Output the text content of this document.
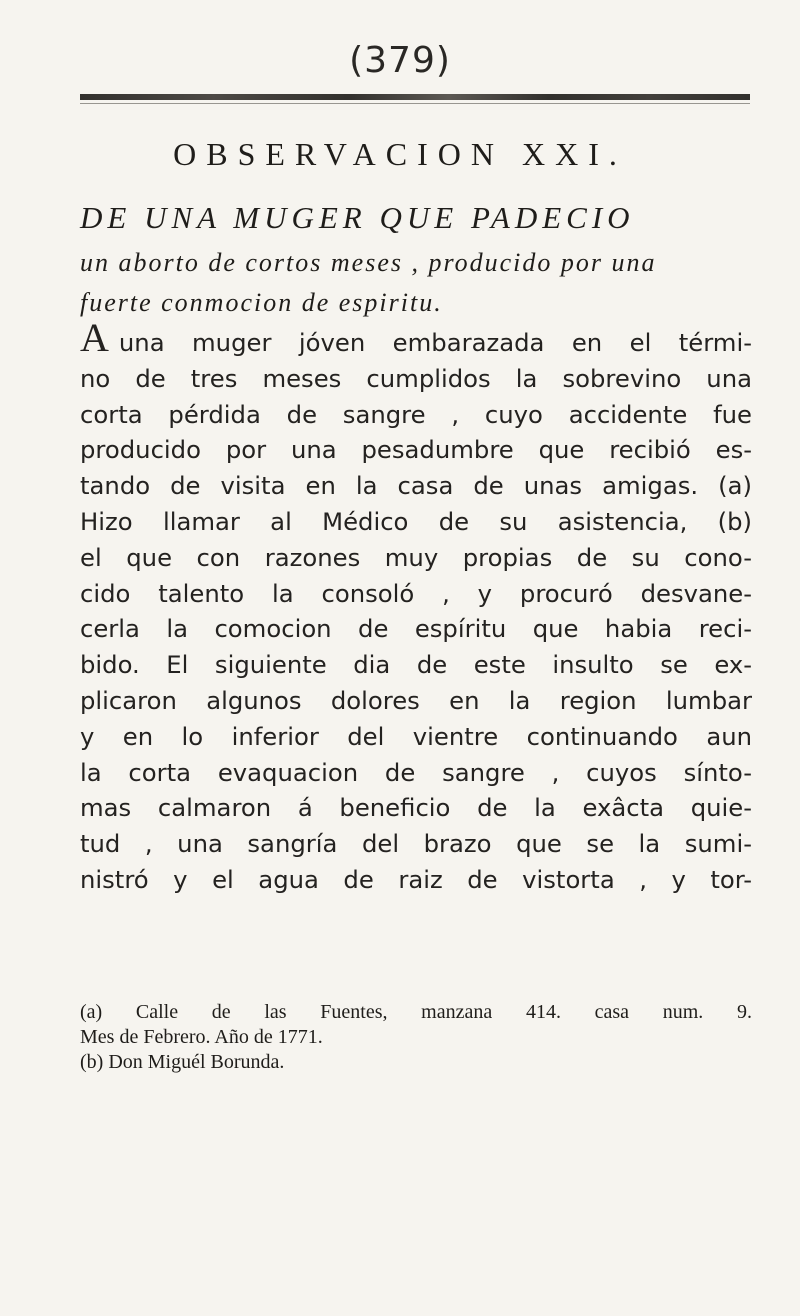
(379)
OBSERVACION XXI.
DE UNA MUGER QUE PADECIO
un aborto de cortos meses , producido por una
fuerte conmocion de espiritu.
Auna muger jóven embarazada en el térmi-
no de tres meses cumplidos la sobrevino una
corta pérdida de sangre , cuyo accidente fue
producido por una pesadumbre que recibió es-
tando de visita en la casa de unas amigas. (a)
Hizo llamar al Médico de su asistencia, (b)
el que con razones muy propias de su cono-
cido talento la consoló , y procuró desvane-
cerla la comocion de espíritu que habia reci-
bido. El siguiente dia de este insulto se ex-
plicaron algunos dolores en la region lumbar
y en lo inferior del vientre continuando aun
la corta evaquacion de sangre , cuyos sínto-
mas calmaron á beneficio de la exâcta quie-
tud , una sangría del brazo que se la sumi-
nistró y el agua de raiz de vistorta , y tor-
(a) Calle de las Fuentes, manzana 414. casa num. 9.
Mes de Febrero. Año de 1771.
(b) Don Miguél Borunda.
